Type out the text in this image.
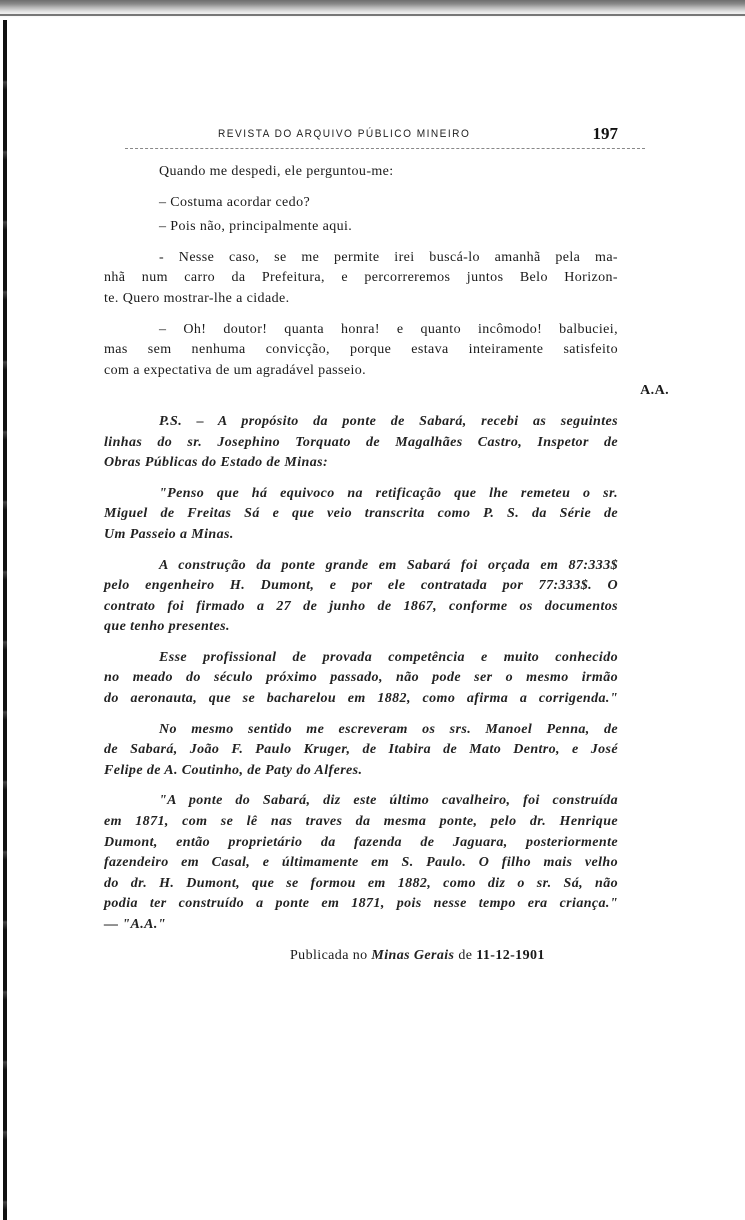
REVISTA DO ARQUIVO PÚBLICO MINEIRO	197
Quando me despedi, ele perguntou-me:
– Costuma acordar cedo?
– Pois não, principalmente aqui.
- Nesse caso, se me permite irei buscá-lo amanhã pela ma-
nhã num carro da Prefeitura, e percorreremos juntos Belo Horizon-
te. Quero mostrar-lhe a cidade.
– Oh! doutor! quanta honra! e quanto incômodo! balbuciei,
mas sem nenhuma convicção, porque estava inteiramente satisfeito
com a expectativa de um agradável passeio.
A.A.
P.S. – A propósito da ponte de Sabará, recebi as seguintes
linhas do sr. Josephino Torquato de Magalhães Castro, Inspetor de
Obras Públicas do Estado de Minas:
"Penso que há equivoco na retificação que lhe remeteu o sr.
Miguel de Freitas Sá e que veio transcrita como P. S. da Série de
Um Passeio a Minas.
A construção da ponte grande em Sabará foi orçada em 87:333$
pelo engenheiro H. Dumont, e por ele contratada por 77:333$. O
contrato foi firmado a 27 de junho de 1867, conforme os documentos
que tenho presentes.
Esse profissional de provada competência e muito conhecido
no meado do século próximo passado, não pode ser o mesmo irmão
do aeronauta, que se bacharelou em 1882, como afirma a corrigenda."
No mesmo sentido me escreveram os srs. Manoel Penna, de
de Sabará, João F. Paulo Kruger, de Itabira de Mato Dentro, e José
Felipe de A. Coutinho, de Paty do Alferes.
"A ponte do Sabará, diz este último cavalheiro, foi construída
em 1871, com se lê nas traves da mesma ponte, pelo dr. Henrique
Dumont, então proprietário da fazenda de Jaguara, posteriormente
fazendeiro em Casal, e últimamente em S. Paulo. O filho mais velho
do dr. H. Dumont, que se formou em 1882, como diz o sr. Sá, não
podia ter construído a ponte em 1871, pois nesse tempo era criança."
— "A.A."
Publicada no Minas Gerais de 11-12-1901
